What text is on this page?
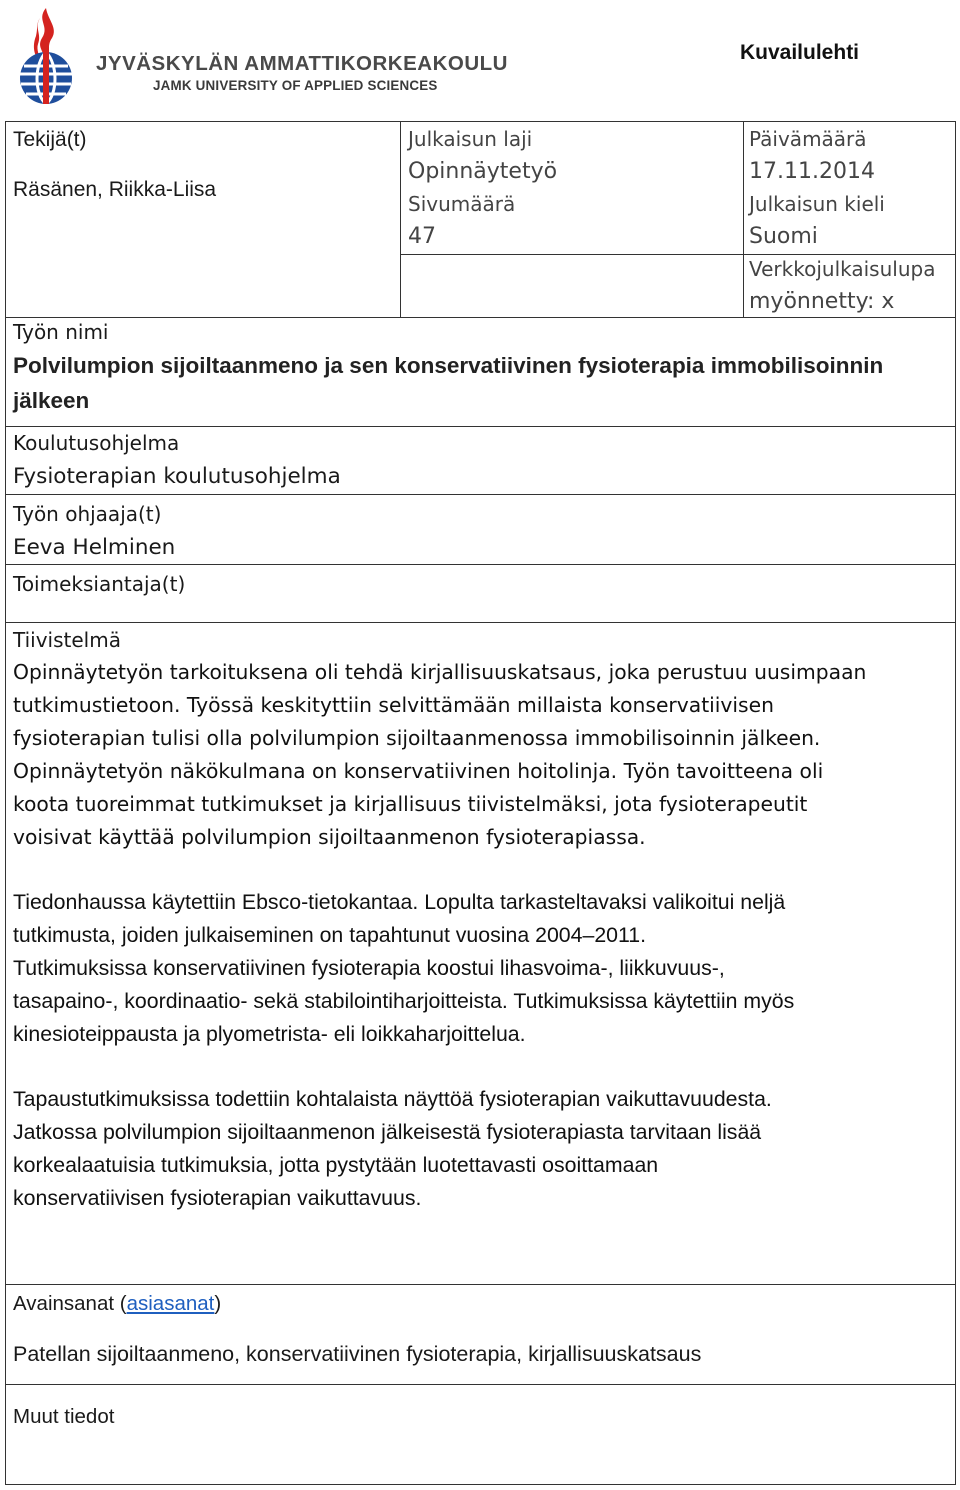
JYVÄSKYLÄN AMMATTIKORKEAKOULU
JAMK UNIVERSITY OF APPLIED SCIENCES
Kuvailulehti
Tekijä(t)
Räsänen, Riikka-Liisa
Julkaisun laji
Opinnäytetyö
Sivumäärä
47
Päivämäärä
17.11.2014
Julkaisun kieli
Suomi
Verkkojulkaisulupa
myönnetty: x
Työn nimi
Polvilumpion sijoiltaanmeno ja sen konservatiivinen fysioterapia immobilisoinnin
jälkeen
Koulutusohjelma
Fysioterapian koulutusohjelma
Työn ohjaaja(t)
Eeva Helminen
Toimeksiantaja(t)
Tiivistelmä

Opinnäytetyön tarkoituksena oli tehdä kirjallisuuskatsaus, joka perustuu uusimpaan
tutkimustietoon. Työssä keskityttiin selvittämään millaista konservatiivisen
fysioterapian tulisi olla polvilumpion sijoiltaanmenossa immobilisoinnin jälkeen.
Opinnäytetyön näkökulmana on konservatiivinen hoitolinja. Työn tavoitteena oli
koota tuoreimmat tutkimukset ja kirjallisuus tiivistelmäksi, jota fysioterapeutit
voisivat käyttää polvilumpion sijoiltaanmenon fysioterapiassa.

Tiedonhaussa käytettiin Ebsco-tietokantaa. Lopulta tarkasteltavaksi valikoitui neljä
tutkimusta, joiden julkaiseminen on tapahtunut vuosina 2004–2011.
Tutkimuksissa konservatiivinen fysioterapia koostui lihasvoima-, liikkuvuus-,
tasapaino-, koordinaatio- sekä stabilointiharjoitteista. Tutkimuksissa käytettiin myös
kinesioteippausta ja plyometrista- eli loikkaharjoittelua.

Tapaustutkimuksissa todettiin kohtalaista näyttöä fysioterapian vaikuttavuudesta.
Jatkossa polvilumpion sijoiltaanmenon jälkeisestä fysioterapiasta tarvitaan lisää
korkealaatuisia tutkimuksia, jotta pystytään luotettavasti osoittamaan
konservatiivisen fysioterapian vaikuttavuus.

Avainsanat (asiasanat)
Patellan sijoiltaanmeno, konservatiivinen fysioterapia, kirjallisuuskatsaus
Muut tiedot
